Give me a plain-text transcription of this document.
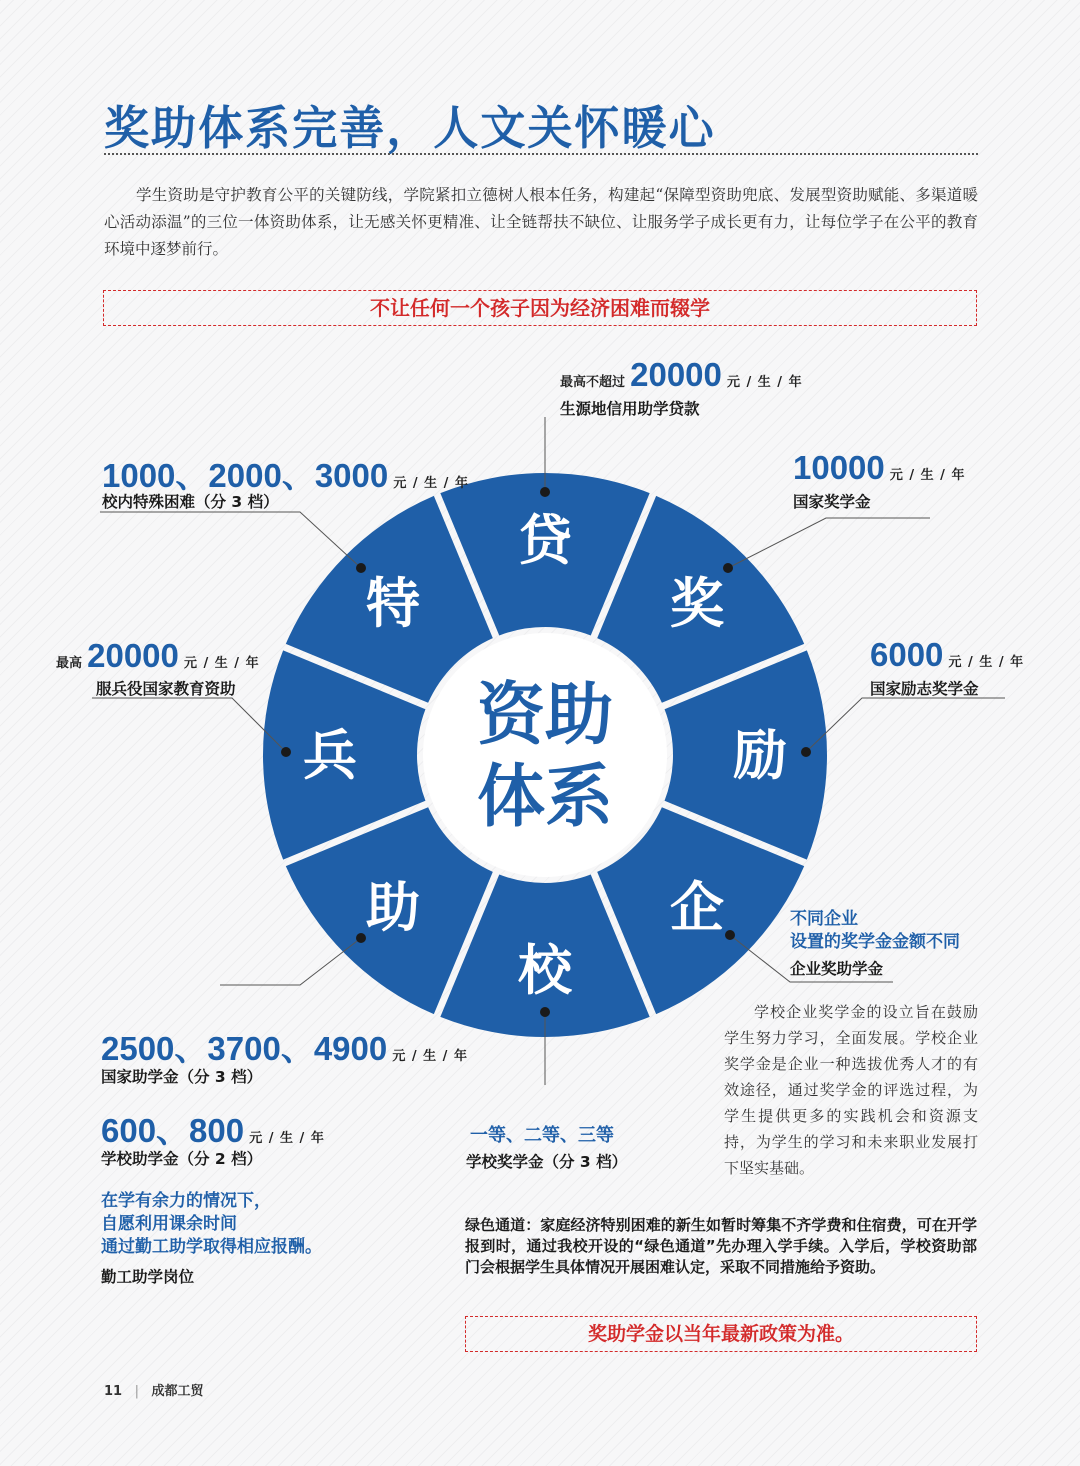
奖助体系完善，人文关怀暖心
学生资助是守护教育公平的关键防线，学院紧扣立德树人根本任务，构建起“保障型资助兜底、发展型资助赋能、多渠道暖心活动添温”的三位一体资助体系，让无感关怀更精准、让全链帮扶不缺位、让服务学子成长更有力，让每位学子在公平的教育环境中逐梦前行。
不让任何一个孩子因为经济困难而辍学
资助
体系
贷
奖
励
企
校
助
兵
特
最高不超过 20000 元 / 生 / 年
生源地信用助学贷款
10000 元 / 生 / 年
国家奖学金
6000 元 / 生 / 年
国家励志奖学金
不同企业
设置的奖学金金额不同
企业奖助学金
学校企业奖学金的设立旨在鼓励学生努力学习，全面发展。学校企业奖学金是企业一种选拔优秀人才的有效途径，通过奖学金的评选过程，为学生提供更多的实践机会和资源支持，为学生的学习和未来职业发展打下坚实基础。
一等、二等、三等
学校奖学金（分 3 档）
1000、2000、3000 元 / 生 / 年
校内特殊困难（分 3 档）
最高 20000 元 / 生 / 年
服兵役国家教育资助
2500、3700、4900 元 / 生 / 年
国家助学金（分 3 档）
600、800 元 / 生 / 年
学校助学金（分 2 档）
在学有余力的情况下，
自愿利用课余时间
通过勤工助学取得相应报酬。
勤工助学岗位
绿色通道：家庭经济特别困难的新生如暂时筹集不齐学费和住宿费，可在开学报到时，通过我校开设的“绿色通道”先办理入学手续。入学后，学校资助部门会根据学生具体情况开展困难认定，采取不同措施给予资助。
奖助学金以当年最新政策为准。
11 | 成都工贸
